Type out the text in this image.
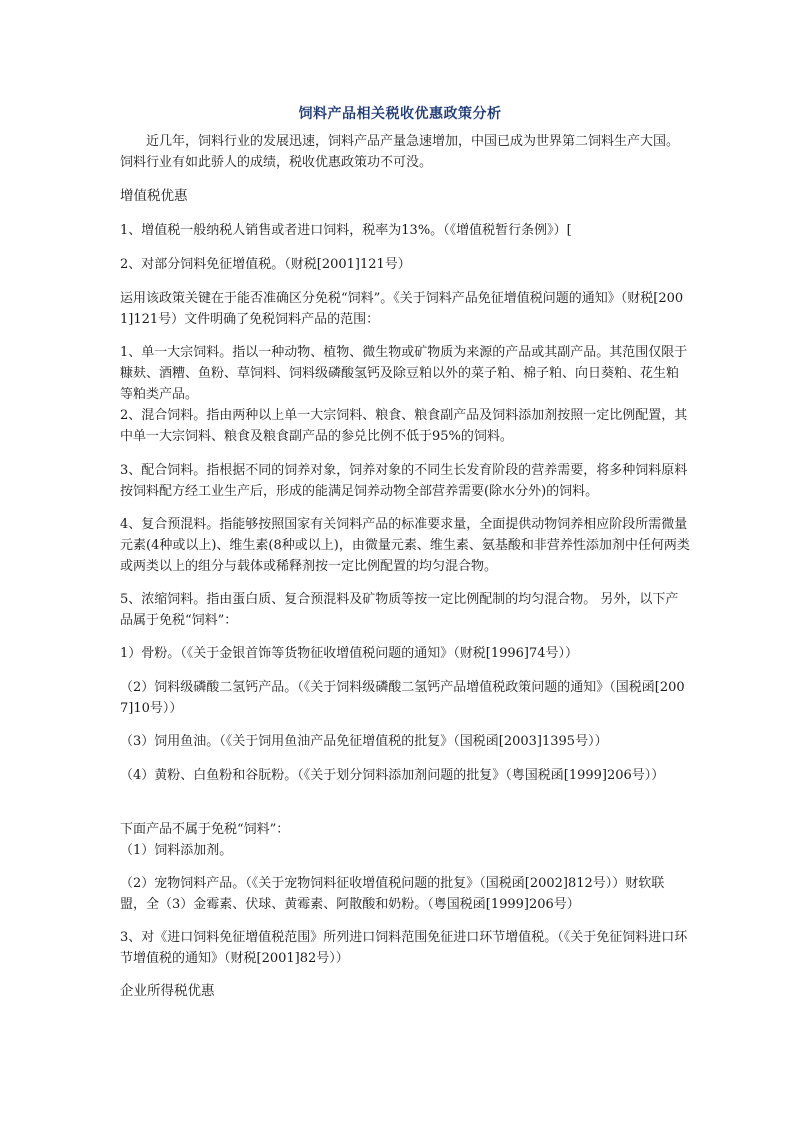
饲料产品相关税收优惠政策分析

近几年，饲料行业的发展迅速，饲料产品产量急速增加，中国已成为世界第二饲料生产大国。饲料行业有如此骄人的成绩，税收优惠政策功不可没。

增值税优惠

1、增值税一般纳税人销售或者进口饲料，税率为13%。（《增值税暂行条例》）[

2、对部分饲料免征增值税。（财税[2001]121号）

运用该政策关键在于能否准确区分免税“饲料”。《关于饲料产品免征增值税问题的通知》（财税[2001]121号）文件明确了免税饲料产品的范围：

1、单一大宗饲料。指以一种动物、植物、微生物或矿物质为来源的产品或其副产品。其范围仅限于糠麸、酒糟、鱼粉、草饲料、饲料级磷酸氢钙及除豆粕以外的菜子粕、棉子粕、向日葵粕、花生粕等粕类产品。

2、混合饲料。指由两种以上单一大宗饲料、粮食、粮食副产品及饲料添加剂按照一定比例配置，其中单一大宗饲料、粮食及粮食副产品的参兑比例不低于95%的饲料。

3、配合饲料。指根据不同的饲养对象，饲养对象的不同生长发育阶段的营养需要，将多种饲料原料按饲料配方经工业生产后，形成的能满足饲养动物全部营养需要(除水分外)的饲料。

4、复合预混料。指能够按照国家有关饲料产品的标准要求量，全面提供动物饲养相应阶段所需微量元素(4种或以上)、维生素(8种或以上)，由微量元素、维生素、氨基酸和非营养性添加剂中任何两类或两类以上的组分与载体或稀释剂按一定比例配置的均匀混合物。

5、浓缩饲料。指由蛋白质、复合预混料及矿物质等按一定比例配制的均匀混合物。 另外，以下产品属于免税“饲料”：

1）骨粉。（《关于金银首饰等货物征收增值税问题的通知》（财税[1996]74号））

（2）饲料级磷酸二氢钙产品。（《关于饲料级磷酸二氢钙产品增值税政策问题的通知》（国税函[2007]10号））

（3）饲用鱼油。（《关于饲用鱼油产品免征增值税的批复》（国税函[2003]1395号））

（4）黄粉、白鱼粉和谷朊粉。（《关于划分饲料添加剂问题的批复》（粤国税函[1999]206号））

下面产品不属于免税“饲料”：

（1）饲料添加剂。

（2）宠物饲料产品。（《关于宠物饲料征收增值税问题的批复》（国税函[2002]812号））财软联盟，全（3）金霉素、伏球、黄霉素、阿散酸和奶粉。（粤国税函[1999]206号）

3、对《进口饲料免征增值税范围》所列进口饲料范围免征进口环节增值税。（《关于免征饲料进口环节增值税的通知》（财税[2001]82号））

企业所得税优惠
